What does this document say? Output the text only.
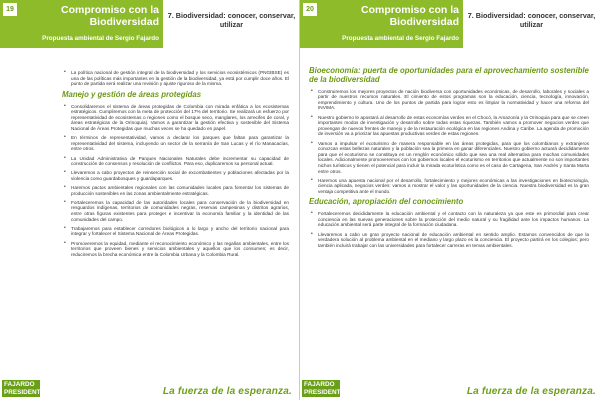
19	Compromiso con la Biodiversidad
Propuesta ambiental de Sergio Fajardo
7. Biodiversidad: conocer, conservar, utilizar
• La política nacional de gestión integral de la biodiversidad y los servicios ecosistémicos (PNGIBSE) es una de las políticas más importantes en la gestión de la biodiversidad, ya está por cumplir doce años. El punto de partida será realizar una revisión y ajuste riguroso de la misma.
Manejo y gestión de áreas protegidas
• Consolidaremos el sistema de áreas protegidas de Colombia con mirada enfática a los ecosistemas estratégicos. Cumpliremos con la meta de protección del 17% del territorio. Se realizará un esfuerzo por representatividad de ecosistemas o regiones como el bosque seco, manglares, los arrecifes de coral, y áreas estratégicas de la Orinoquia). Vamos a garantizar la gestión efectiva y sostenible del Sistema Nacional de Áreas Protegidas que muchas veces se ha quedado en papel.
• En términos de representatividad, vamos a declarar los parques que faltan para garantizar la representatividad del sistema, incluyendo un sector de la serranía de San Lucas y el río Manacacías, entre otros.
• La Unidad Administrativa de Parques Nacionales Naturales debe incrementar su capacidad de construcción de consensos y resolución de conflictos. Para eso, duplicaremos su personal actual.
• Llevaremos a cabo proyectos de reinserción social de excombatientes y poblaciones afectadas por la violencia como guardabosques y guardaparques.
• Haremos pactos ambientales regionales con las comunidades locales para fomentar los sistemas de producción sostenibles en las zonas ambientalmente estratégicas.
• Fortaleceremos la capacidad de las autoridades locales para conservación de la biodiversidad en resguardos indígenas, territorios de comunidades negras, reservas campesinas y distritos agrarios, entre otras figuras existentes para proteger e incentivar la economía familiar y la identidad de las comunidades del campo.
• Trabajaremos para establecer corredores biológicos a lo largo y ancho del territorio nacional para integrar y fortalecer el Sistema Nacional de Áreas Protegidas.
• Promoveremos la equidad, mediante el reconocimiento económico y las regalías ambientales, entre los territorios que proveen bienes y servicios ambientales y aquellos que los consumen; es decir, reduciremos la brecha económica entre la Colombia Urbana y la Colombia Rural.
FAJARDO
PRESIDENTE	La fuerza de la esperanza.
20	Compromiso con la Biodiversidad
Propuesta ambiental de Sergio Fajardo
7. Biodiversidad: conocer, conservar, utilizar
Bioeconomía: puerta de oportunidades para el aprovechamiento sostenible de la biodiversidad
• Construiremos los mejores proyectos de nación biodiversa con oportunidades económicas, de desarrollo, laborales y sociales a partir de nuestros recursos naturales. El cimiento de estos programas son la educación, ciencia, tecnología, innovación, emprendimiento y cultura. Uno de los puntos de partida para lograr esto es limpiar la normatividad y hacer una reforma del INVIMA.
• Nuestro gobierno le apostará al desarrollo de estas economías verdes en el Chocó, la Amazonía y la Orinoquia para que se creen importantes modos de investigación y desarrollo sobre todas estas riquezas. También vamos a promover negocios verdes que provengan de nuevos frentes de manejo y de la restauración ecológica en las regiones Andina y Caribe. La agenda de promoción de inversión va a priorizar las apuestas productivas verdes de estas regiones.
• Vamos a impulsar el ecoturismo de manera responsable en las áreas protegidas, para que los colombianos y extranjeros conozcan estas bellezas naturales y la población sea la primera en ganar diferenciales. Nuestro gobierno actuará decididamente para que el ecoturismo se constituya en un renglón económico sólido que sea una real alternativa para muchas comunidades locales. Adicionalmente promoveremos con los gobiernos locales el ecoturismo en territorios que actualmente no son importantes nichos turísticos y tienen el potencial para incluir la mirada ecoturística como es el caso de Cartagena, San Andrés y Santa Marta entre otros.
• Haremos una apuesta nacional por el desarrollo, fortalecimiento y mejores económicas a las investigaciones en biotecnología, ciencia aplicada, negocios verdes: vamos a mostrar el valor y las oportunidades de la ciencia. Nuestra biodiversidad es la gran ventaja competitiva ante el mundo.
Educación, apropiación del conocimiento
• Fortaleceremos decididamente la educación ambiental y el contacto con la naturaleza ya que este es primordial para crear conciencia en las nuevas generaciones sobre la protección del medio natural y su fragilidad ante los impactos humanos. La educación ambiental será parte integral de la formación ciudadana.
• Llevaremos a cabo un gran proyecto nacional de educación ambiental en sentido amplio. Estamos convencidos de que la verdadera solución al problema ambiental en el mediano y largo plazo es la conciencia. El proyecto partirá en los colegios; pero también incluirá trabajar con las universidades para fortalecer carreras en temas ambientales.
FAJARDO
PRESIDENTE	La fuerza de la esperanza.
